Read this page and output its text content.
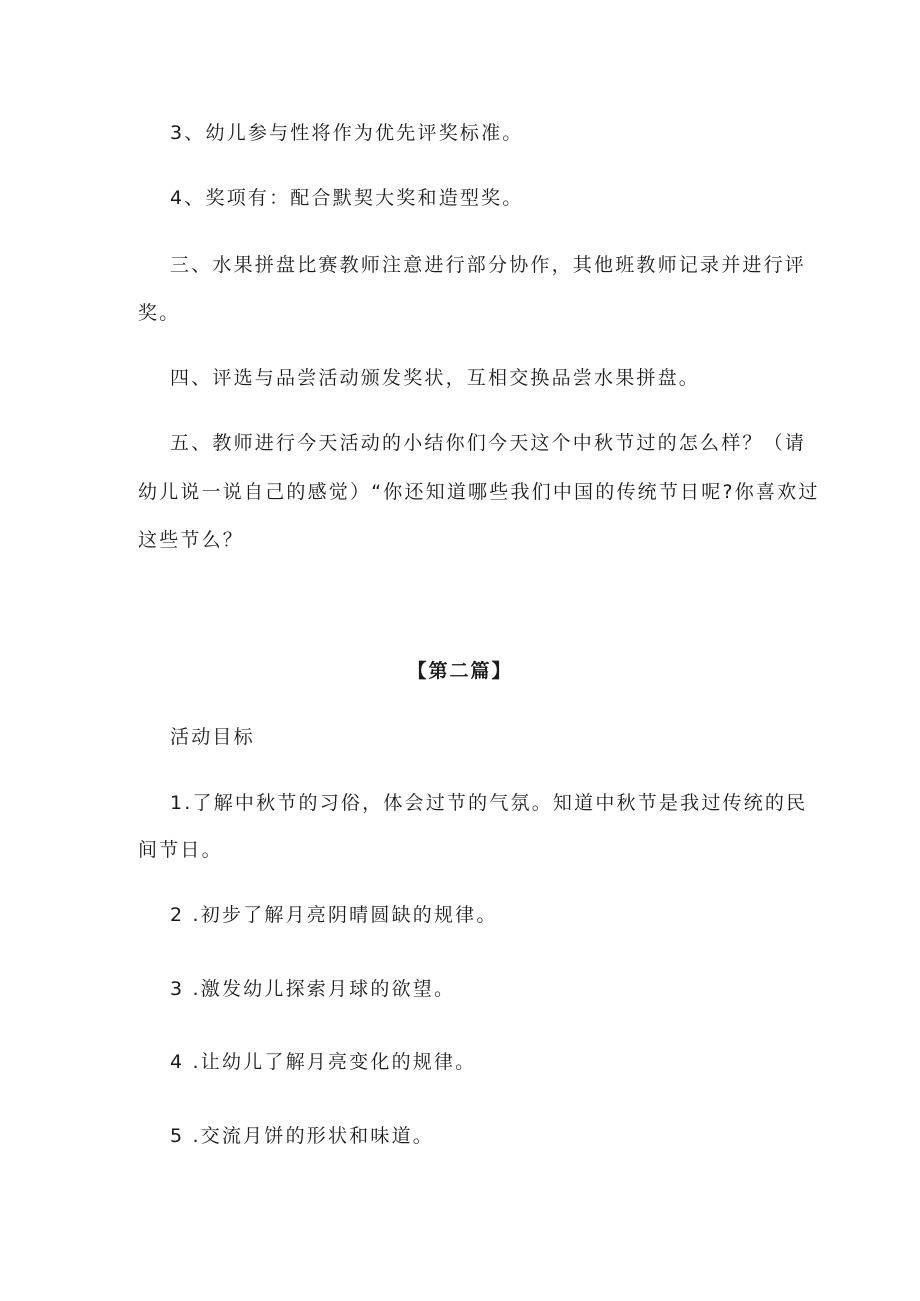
3、幼儿参与性将作为优先评奖标准。
4、奖项有：配合默契大奖和造型奖。
三、水果拼盘比赛教师注意进行部分协作，其他班教师记录并进行评
奖。
四、评选与品尝活动颁发奖状，互相交换品尝水果拼盘。
五、教师进行今天活动的小结你们今天这个中秋节过的怎么样？（请
幼儿说一说自己的感觉）“你还知道哪些我们中国的传统节日呢?你喜欢过
这些节么？
【第二篇】
活动目标
1.了解中秋节的习俗，体会过节的气氛。知道中秋节是我过传统的民
间节日。
2 .初步了解月亮阴晴圆缺的规律。
3 .激发幼儿探索月球的欲望。
4 .让幼儿了解月亮变化的规律。
5 .交流月饼的形状和味道。
